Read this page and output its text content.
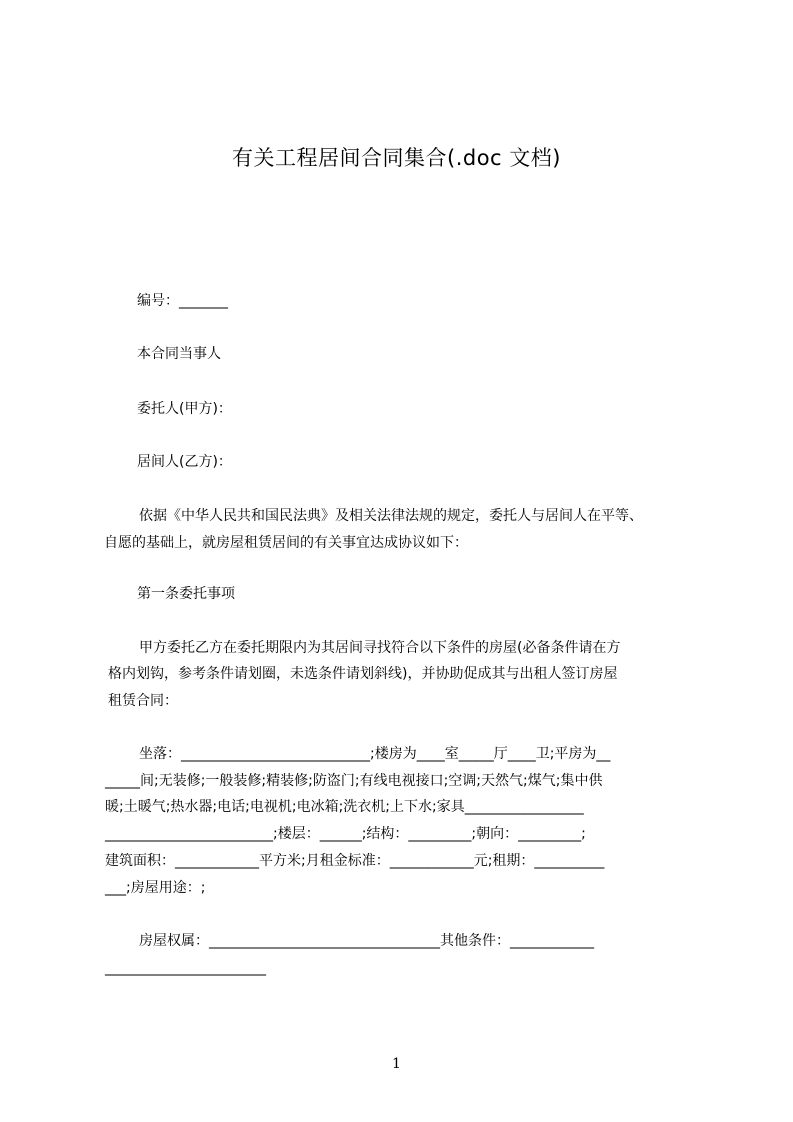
有关工程居间合同集合(.doc 文档)
编号：_______
本合同当事人
委托人(甲方)：
居间人(乙方)：
依据《中华人民共和国民法典》及相关法律法规的规定，委托人与居间人在平等、
自愿的基础上，就房屋租赁居间的有关事宜达成协议如下：
第一条委托事项
甲方委托乙方在委托期限内为其居间寻找符合以下条件的房屋(必备条件请在方
格内划钩，参考条件请划圈，未选条件请划斜线)，并协助促成其与出租人签订房屋
租赁合同：
坐落：___________________________;楼房为____室_____厅____卫;平房为__
_____间;无装修;一般装修;精装修;防盗门;有线电视接口;空调;天然气;煤气;集中供
暖;土暖气;热水器;电话;电视机;电冰箱;洗衣机;上下水;家具_________________
________________________;楼层：______;结构：_________;朝向：_________;
建筑面积：____________平方米;月租金标准：____________元;租期：__________
___;房屋用途：;
房屋权属：_________________________________其他条件：____________
_______________________
1
